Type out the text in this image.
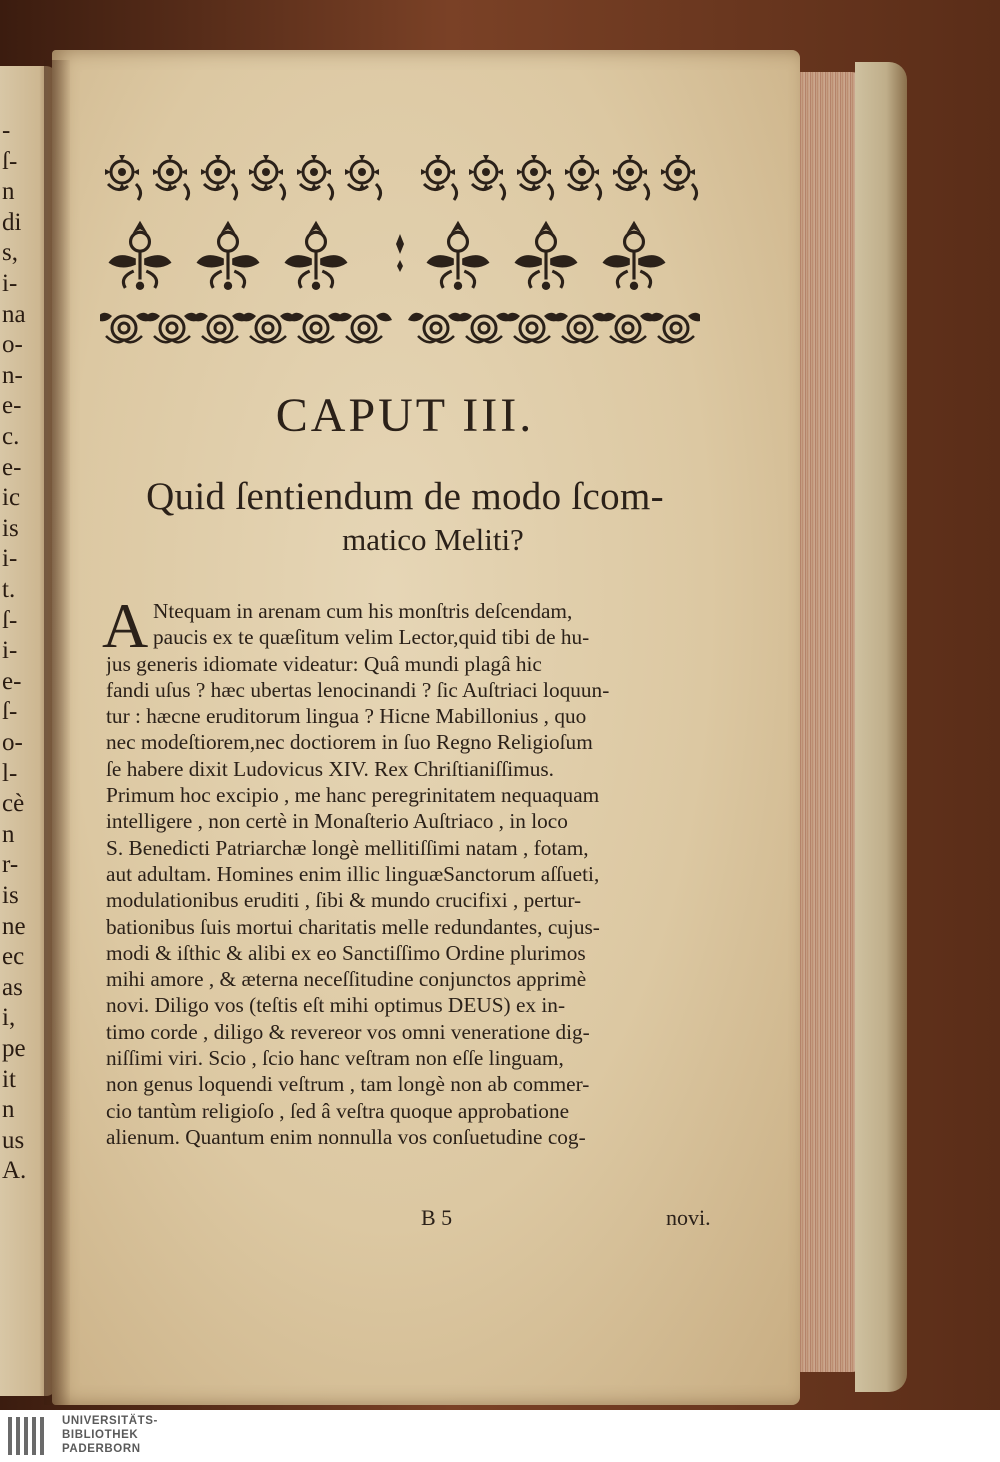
-
ſ-
n
di
s,
i-
na
o-
n-
e-
c.
e-
ic
is
i-
t.
ſ-
i-
e-
ſ-
o-
l-
cè
n
r-
is
ne
ec
as
i,
pe
it
n
us
A.
CAPUT III.
Quid ſentiendum de modo ſcom-
matico Meliti?
A Ntequam in arenam cum his monſtris deſcendam,
paucis ex te quæſitum velim Lector,quid tibi de hu-
jus generis idiomate videatur: Quâ mundi plagâ hic
fandi uſus ? hæc ubertas lenocinandi ? ſic Auſtriaci loquun-
tur : hæcne eruditorum lingua ? Hicne Mabillonius , quo
nec modeſtiorem,nec doctiorem in ſuo Regno Religioſum
ſe habere dixit Ludovicus XIV. Rex Chriſtianiſſimus.
Primum hoc excipio , me hanc peregrinitatem nequaquam
intelligere , non certè in Monaſterio Auſtriaco , in loco
S. Benedicti Patriarchæ longè mellitiſſimi natam , fotam,
aut adultam. Homines enim illic linguæSanctorum aſſueti,
modulationibus eruditi , ſibi & mundo crucifixi , pertur-
bationibus ſuis mortui charitatis melle redundantes, cujus-
modi & iſthic & alibi ex eo Sanctiſſimo Ordine plurimos
mihi amore , & æterna neceſſitudine conjunctos apprimè
novi. Diligo vos (teſtis eſt mihi optimus DEUS) ex in-
timo corde , diligo & revereor vos omni veneratione dig-
niſſimi viri. Scio , ſcio hanc veſtram non eſſe linguam,
non genus loquendi veſtrum , tam longè non ab commer-
cio tantùm religioſo , ſed â veſtra quoque approbatione
alienum. Quantum enim nonnulla vos conſuetudine cog-
B 5	novi.
UNIVERSITÄTS-
BIBLIOTHEK
PADERBORN
